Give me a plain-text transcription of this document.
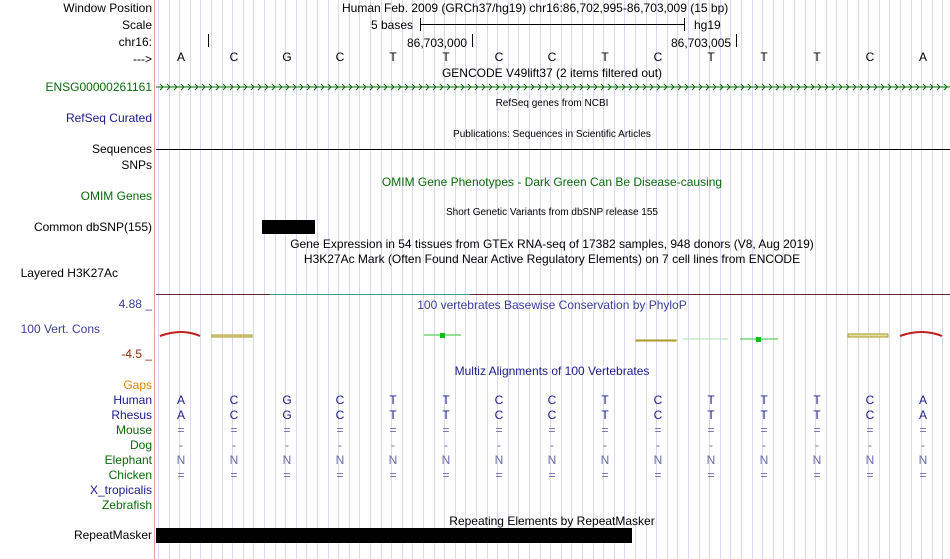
Window Position
Scale
chr16:
--->
ENSG00000261161
RefSeq Curated
Sequences
SNPs
OMIM Genes
Common dbSNP(155)
Layered H3K27Ac
4.88 _
100 Vert. Cons
-4.5 _
Gaps
Human
Rhesus
Mouse
Dog
Elephant
Chicken
X_tropicalis
Zebrafish
RepeatMasker
Human Feb. 2009 (GRCh37/hg19) chr16:86,702,995-86,703,009 (15 bp)
5 bases	hg19
86,703,000	86,703,005
A	C	G	C	T	T	C	C	T	C	T	T	T	C	A
GENCODE V49lift37 (2 items filtered out)
RefSeq genes from NCBI
Publications: Sequences in Scientific Articles
OMIM Gene Phenotypes - Dark Green Can Be Disease-causing
Short Genetic Variants from dbSNP release 155
Gene Expression in 54 tissues from GTEx RNA-seq of 17382 samples, 948 donors (V8, Aug 2019)
H3K27Ac Mark (Often Found Near Active Regulatory Elements) on 7 cell lines from ENCODE
100 vertebrates Basewise Conservation by PhyloP
Multiz Alignments of 100 Vertebrates
A	C	G	C	T	T	C	C	T	C	T	T	T	C	A
A	C	G	C	T	T	C	C	T	C	T	T	T	C	A
=	=	=	=	=	=	=	=	=	=	=	=	=	=	=
-	-	-	-	-	-	-	-	-	-	-	-	-	-	-
N	N	N	N	N	N	N	N	N	N	N	N	N	N	N
=	=	=	=	=	=	=	=	=	=	=	=	=	=	=
Repeating Elements by RepeatMasker
